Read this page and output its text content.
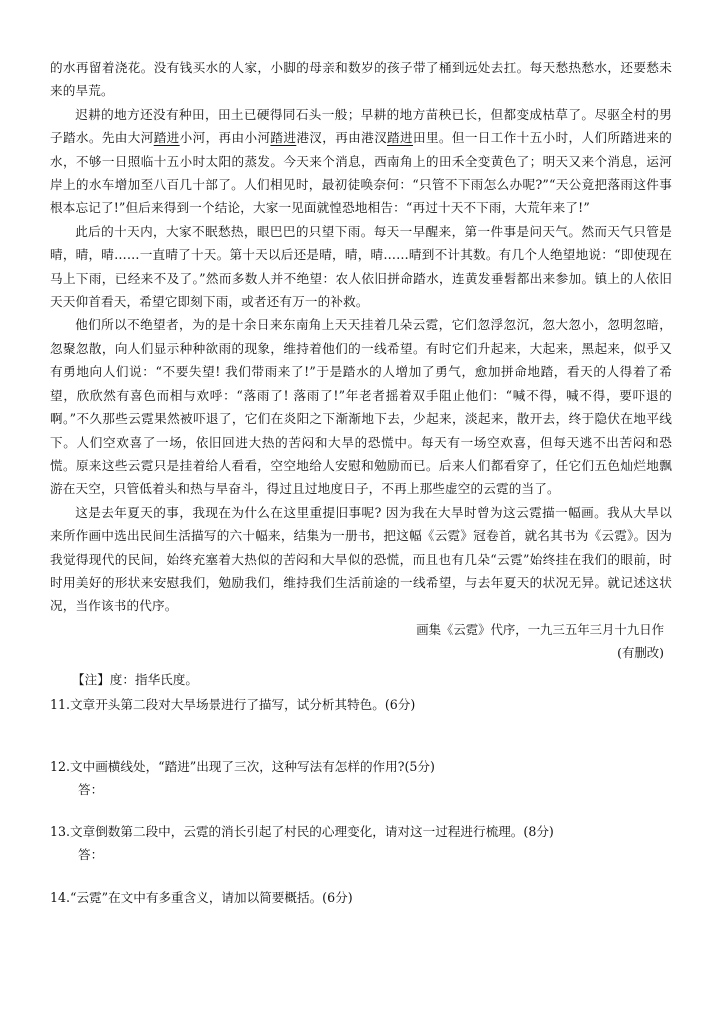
的水再留着浇花。没有钱买水的人家，小脚的母亲和数岁的孩子带了桶到远处去扛。每天愁热愁水，还要愁未来的旱荒。

迟耕的地方还没有种田，田土已硬得同石头一般；早耕的地方苗秧已长，但都变成枯草了。尽驱全村的男子踏水。先由大河踏进小河，再由小河踏进港汊，再由港汊踏进田里。但一日工作十五小时，人们所踏进来的水，不够一日照临十五小时太阳的蒸发。今天来个消息，西南角上的田禾全变黄色了；明天又来个消息，运河岸上的水车增加至八百几十部了。人们相见时，最初徒唤奈何：“只管不下雨怎么办呢?”“天公竟把落雨这件事根本忘记了!”但后来得到一个结论，大家一见面就惶恐地相告：“再过十天不下雨，大荒年来了!”

此后的十天内，大家不眠愁热，眼巴巴的只望下雨。每天一早醒来，第一件事是问天气。然而天气只管是晴，晴，晴……一直晴了十天。第十天以后还是晴，晴，晴……晴到不计其数。有几个人绝望地说：“即使现在马上下雨，已经来不及了。”然而多数人并不绝望：农人依旧拼命踏水，连黄发垂髫都出来参加。镇上的人依旧天天仰首看天，希望它即刻下雨，或者还有万一的补救。

他们所以不绝望者，为的是十余日来东南角上天天挂着几朵云霓，它们忽浮忽沉，忽大忽小，忽明忽暗，忽聚忽散，向人们显示种种欲雨的现象，维持着他们的一线希望。有时它们升起来，大起来，黑起来，似乎又有勇地向人们说：“不要失望! 我们带雨来了!”于是踏水的人增加了勇气，愈加拼命地踏，看天的人得着了希望，欣欣然有喜色而相与欢呼：“落雨了! 落雨了!”年老者摇着双手阻止他们：“喊不得，喊不得，要吓退的啊。”不久那些云霓果然被吓退了，它们在炎阳之下渐渐地下去，少起来，淡起来，散开去，终于隐伏在地平线下。人们空欢喜了一场，依旧回进大热的苦闷和大旱的恐慌中。每天有一场空欢喜，但每天逃不出苦闷和恐慌。原来这些云霓只是挂着给人看看，空空地给人安慰和勉励而已。后来人们都看穿了，任它们五色灿烂地飘游在天空，只管低着头和热与旱奋斗，得过且过地度日子，不再上那些虚空的云霓的当了。

这是去年夏天的事，我现在为什么在这里重提旧事呢? 因为我在大旱时曾为这云霓描一幅画。我从大旱以来所作画中选出民间生活描写的六十幅来，结集为一册书，把这幅《云霓》冠卷首，就名其书为《云霓》。因为我觉得现代的民间，始终充塞着大热似的苦闷和大旱似的恐慌，而且也有几朵“云霓”始终挂在我们的眼前，时时用美好的形状来安慰我们，勉励我们，维持我们生活前途的一线希望，与去年夏天的状况无异。就记述这状况，当作该书的代序。

画集《云霓》代序，一九三五年三月十九日作

(有删改)

【注】度：指华氏度。

11.文章开头第二段对大旱场景进行了描写，试分析其特色。(6分)

12.文中画横线处，“踏进”出现了三次，这种写法有怎样的作用?(5分)

答：

13.文章倒数第二段中，云霓的消长引起了村民的心理变化，请对这一过程进行梳理。(8分)

答：

14.“云霓”在文中有多重含义，请加以简要概括。(6分)
